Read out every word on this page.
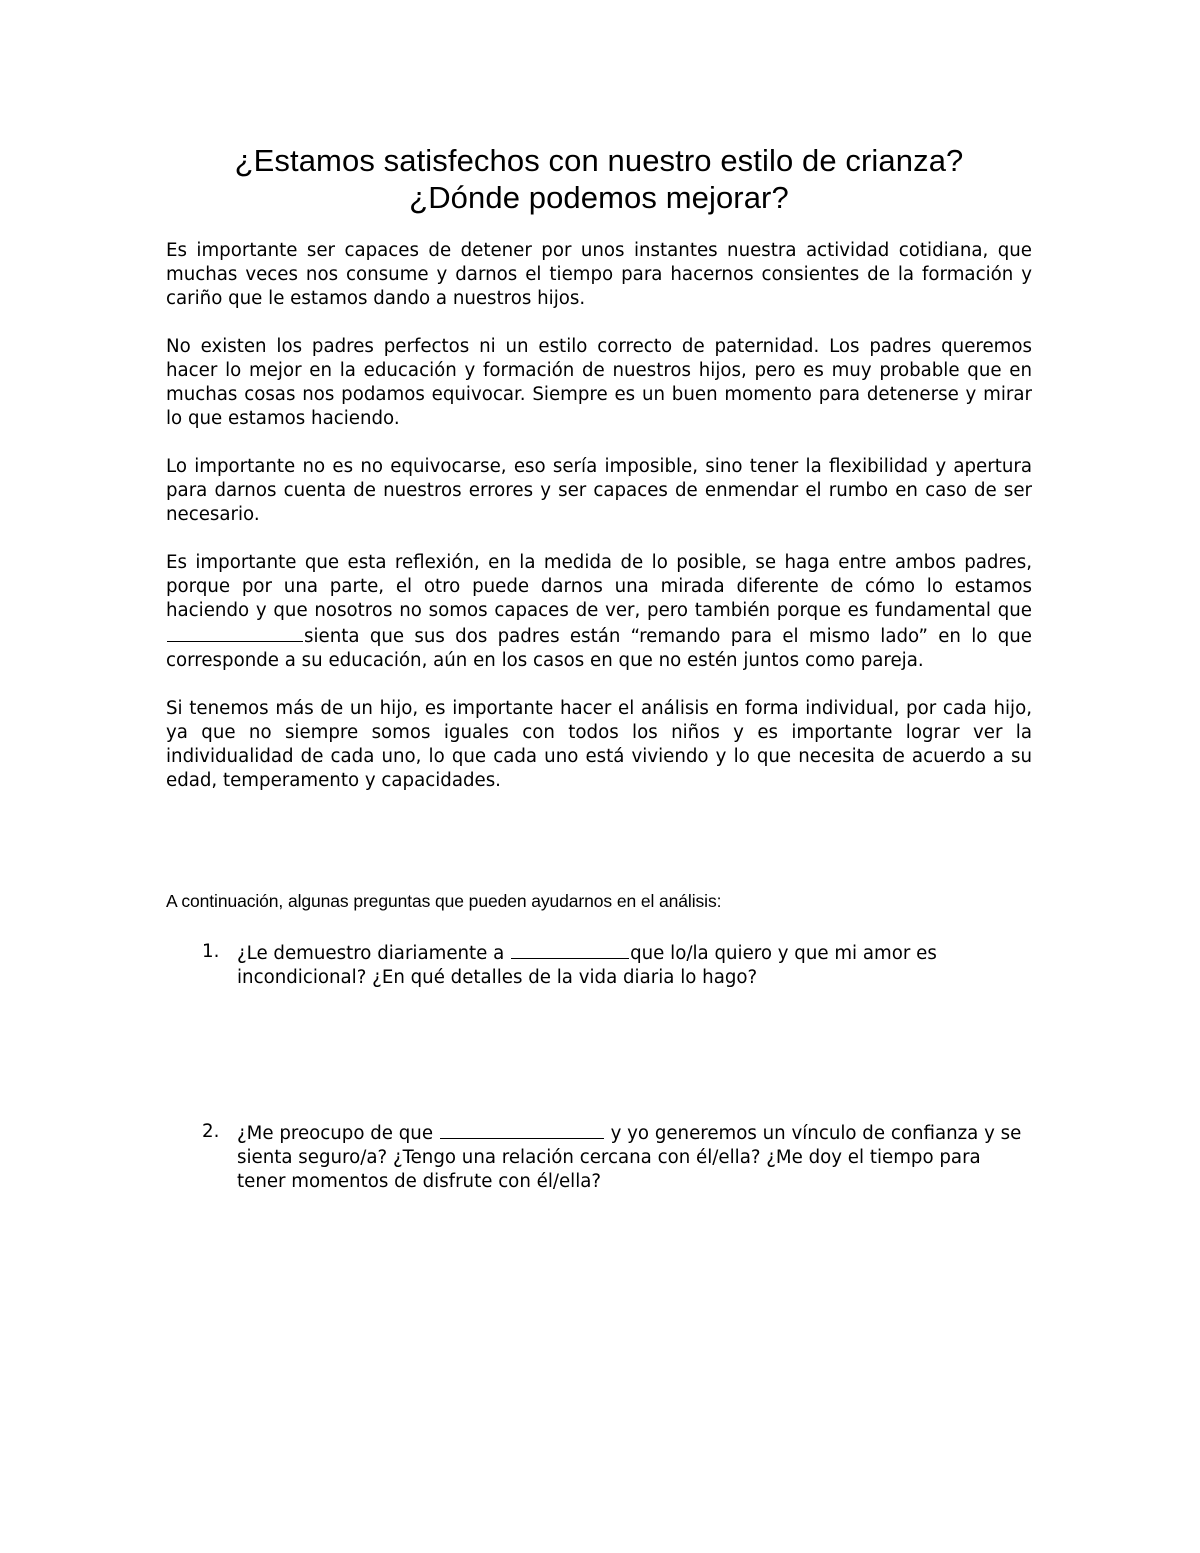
¿Estamos satisfechos con nuestro estilo de crianza?
¿Dónde podemos mejorar?

Es importante ser capaces de detener por unos instantes nuestra actividad cotidiana, que muchas veces nos consume y darnos el tiempo para hacernos consientes de la formación y cariño que le estamos dando a nuestros hijos.

No existen los padres perfectos ni un estilo correcto de paternidad. Los padres queremos hacer lo mejor en la educación y formación de nuestros hijos, pero es muy probable que en muchas cosas nos podamos equivocar. Siempre es un buen momento para detenerse y mirar lo que estamos haciendo.

Lo importante no es no equivocarse, eso sería imposible, sino tener la flexibilidad y apertura para darnos cuenta de nuestros errores y ser capaces de enmendar el rumbo en caso de ser necesario.

Es importante que esta reflexión, en la medida de lo posible, se haga entre ambos padres, porque por una parte, el otro puede darnos una mirada diferente de cómo lo estamos haciendo y que nosotros no somos capaces de ver, pero también porque es fundamental que sienta que sus dos padres están “remando para el mismo lado” en lo que corresponde a su educación, aún en los casos en que no estén juntos como pareja.

Si tenemos más de un hijo, es importante hacer el análisis en forma individual, por cada hijo, ya que no siempre somos iguales con todos los niños y es importante lograr ver la individualidad de cada uno, lo que cada uno está viviendo y lo que necesita de acuerdo a su edad, temperamento y capacidades.

A continuación, algunas preguntas que pueden ayudarnos en el análisis:

1. ¿Le demuestro diariamente a	que lo/la quiero y que mi amor es incondicional? ¿En qué detalles de la vida diaria lo hago?
2. ¿Me preocupo de que	y yo generemos un vínculo de confianza y se sienta seguro/a? ¿Tengo una relación cercana con él/ella? ¿Me doy el tiempo para tener momentos de disfrute con él/ella?
